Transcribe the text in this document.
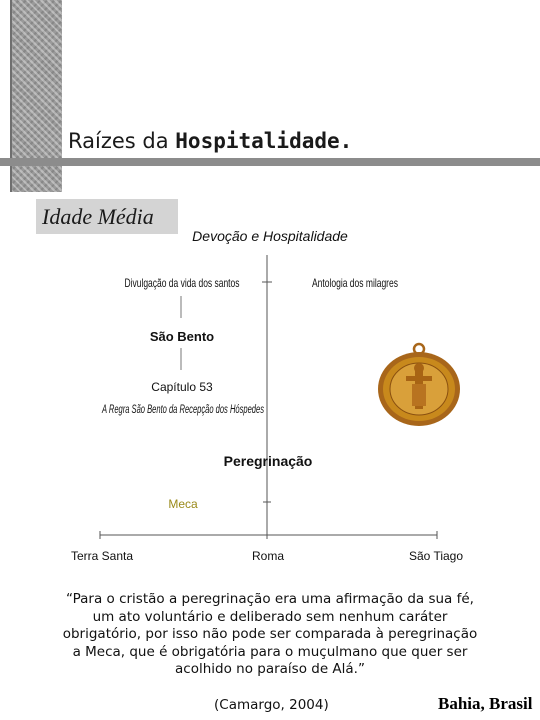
Raízes da Hospitalidade.
Idade Média
Devoção e Hospitalidade
Divulgação da vida dos santos	Antologia dos milagres
São Bento
Capítulo 53
A Regra São Bento da Recepção dos Hóspedes
Peregrinação
Meca
Terra Santa	Roma	São Tiago
“Para o cristão a peregrinação era uma afirmação da sua fé,
um ato voluntário e deliberado sem nenhum caráter
obrigatório, por isso não pode ser comparada à peregrinação
a Meca, que é obrigatória para o muçulmano que quer ser
acolhido no paraíso de Alá.”
(Camargo, 2004)	Bahia, Brasil
